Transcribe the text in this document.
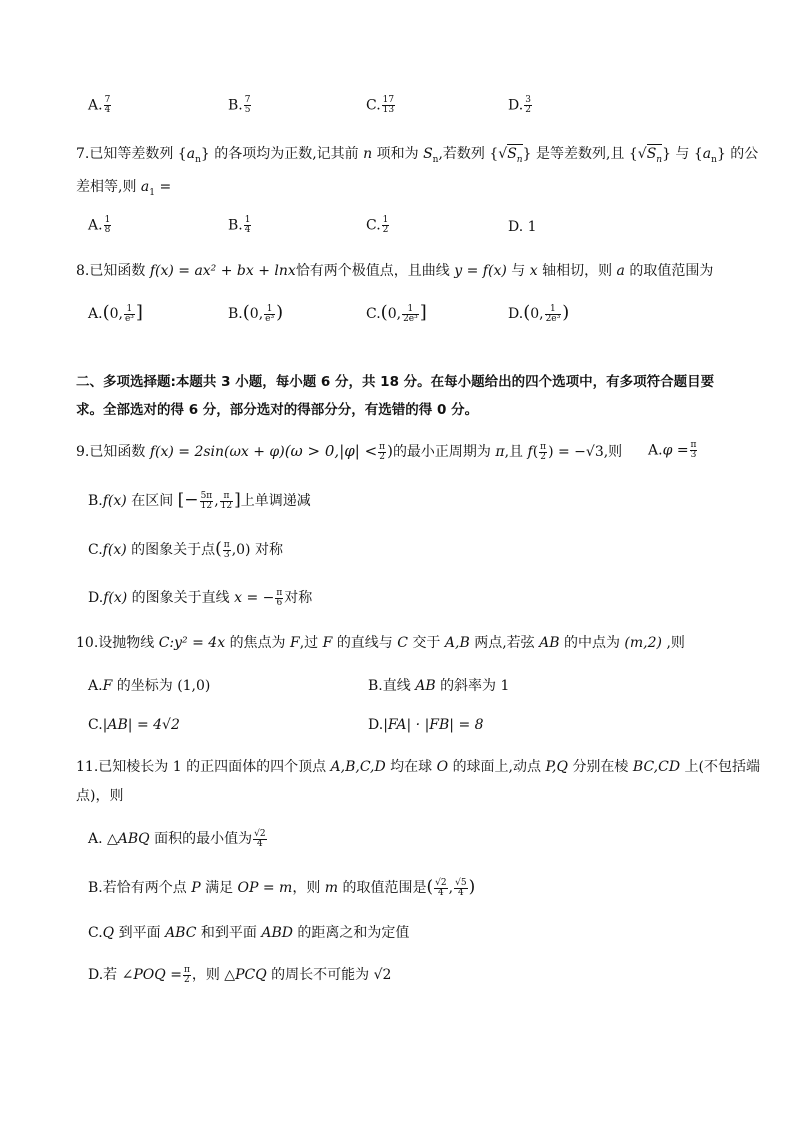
A. $\frac{7}{4}$	B. $\frac{7}{5}$	C. $\frac{17}{13}$	D. $\frac{3}{2}$
7.已知等差数列 $\{a_n\}$ 的各项均为正数,记其前 n 项和为 $S_n$,若数列 $\{√S_n\}$ 是等差数列,且 $\{√S_n\}$ 与 $\{a_n\}$ 的公
差相等,则 $a_1$ =
A. $\frac{1}{8}$	B. $\frac{1}{4}$	C. $\frac{1}{2}$	D. 1
8.已知函数 f(x) = ax² + bx + lnx恰有两个极值点，且曲线 y = f(x) 与 x 轴相切，则 a 的取值范围为
A.(0, $\frac{1}{\text{e³}}$ ]	B.(0, $\frac{1}{\text{e³}}$ )	C.(0, $\frac{1}{\text{2e³}}$ ]	D.(0, $\frac{1}{\text{2e³}}$ )
二、多项选择题:本题共 3 小题，每小题 6 分，共 18 分。在每小题给出的四个选项中，有多项符合题目要
求。全部选对的得 6 分，部分选对的得部分分，有选错的得 0 分。
9.已知函数 $f(x) = 2\sin(\omega x + \varphi)(\omega > 0,|\varphi| < \frac{\pi}{2}$ )的最小正周期为 π,且 $f( \frac{\pi}{2}$ ) = −√3,则 $A.\varphi = \frac{\pi}{3}$
B.f(x) 在区间 [− $\frac{5\pi}{12}$ , $\frac{\pi}{12}$ ]上单调递减
C.f(x) 的图象关于点( $\frac{\pi}{3} ,0$) 对称
D.f(x) 的图象关于直线 x = − $\frac{\pi}{6}$ 对称
10.设抛物线 C:y² = 4x 的焦点为 F,过 F 的直线与 C 交于 A,B 两点,若弦 AB 的中点为 (m,2) ,则
A.F 的坐标为 (1,0)	B.直线 AB 的斜率为 1
C.|AB| = 4√2	D.|FA| · |FB| = 8
11.已知棱长为 1 的正四面体的四个顶点 A,B,C,D 均在球 O 的球面上,动点 P,Q 分别在棱 BC,CD 上(不包括端
点)，则
A. △ABQ 面积的最小值为 $\frac{√2}{4}$
B.若恰有两个点 P 满足 OP = m，则 m 的取值范围是( $\frac{√2}{4}$ , $\frac{√5}{4}$ )
C.Q 到平面 ABC 和到平面 ABD 的距离之和为定值
D.若 ∠POQ = $\frac{\pi}{2}$ ，则 △PCQ 的周长不可能为 √2
